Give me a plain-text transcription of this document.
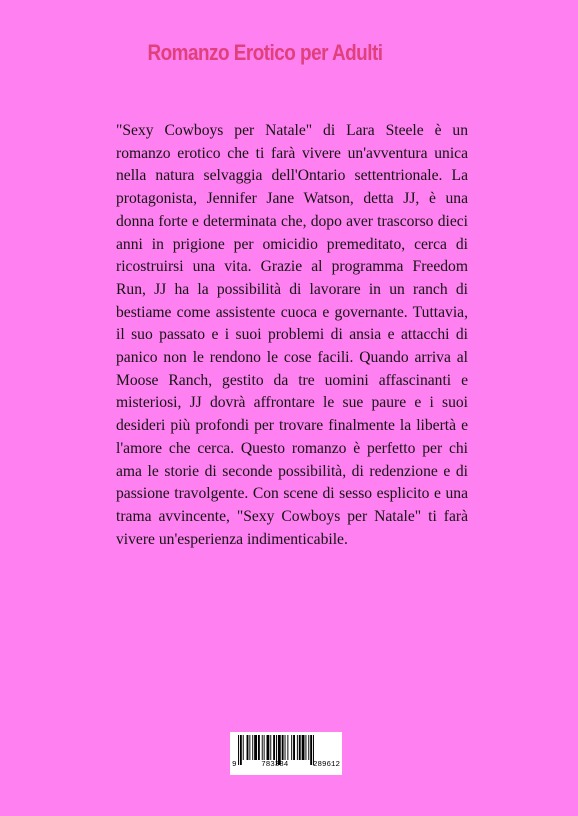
Romanzo Erotico per Adulti

"Sexy Cowboys per Natale" di Lara Steele è un romanzo erotico che ti farà vivere un'avventura unica nella natura selvaggia dell'Ontario settentrionale. La protagonista, Jennifer Jane Watson, detta JJ, è una donna forte e determinata che, dopo aver trascorso dieci anni in prigione per omicidio premeditato, cerca di ricostruirsi una vita. Grazie al programma Freedom Run, JJ ha la possibilità di lavorare in un ranch di bestiame come assistente cuoca e governante. Tuttavia, il suo passato e i suoi problemi di ansia e attacchi di panico non le rendono le cose facili. Quando arriva al Moose Ranch, gestito da tre uomini affascinanti e misteriosi, JJ dovrà affrontare le sue paure e i suoi desideri più profondi per trovare finalmente la libertà e l'amore che cerca. Questo romanzo è perfetto per chi ama le storie di seconde possibilità, di redenzione e di passione travolgente. Con scene di sesso esplicito e una trama avvincente, "Sexy Cowboys per Natale" ti farà vivere un'esperienza indimenticabile.

9	783384	289612
